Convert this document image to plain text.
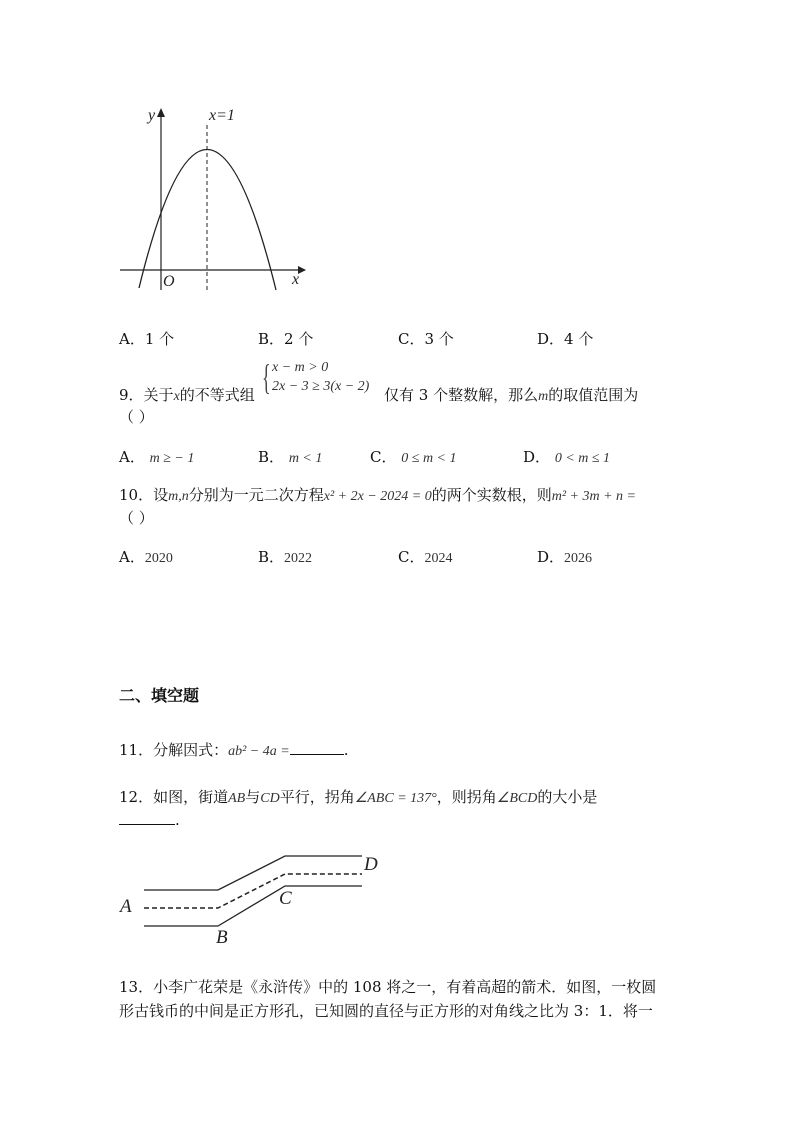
y
x
O
x=1
A．1 个	B．2 个	C．3 个	D．4 个
9．关于x的不等式组 { x − m > 0
2x − 3 ≥ 3(x − 2) 仅有 3 个整数解，那么m的取值范围为
（ ）
A． m ≥ − 1	B． m < 1	C． 0 ≤ m < 1	D． 0 < m ≤ 1
10．设m,n分别为一元二次方程x² + 2x − 2024 = 0的两个实数根，则m² + 3m + n =
（ ）
A．2020	B．2022	C．2024	D．2026
二、填空题
11．分解因式：ab² − 4a =	.
12．如图，街道AB与CD平行，拐角∠ABC = 137°，则拐角∠BCD的大小是
.
A
B
C
D
13．小李广花荣是《永浒传》中的 108 将之一，有着高超的箭术．如图，一枚圆
形古钱币的中间是正方形孔，已知圆的直径与正方形的对角线之比为 3：1．将一
